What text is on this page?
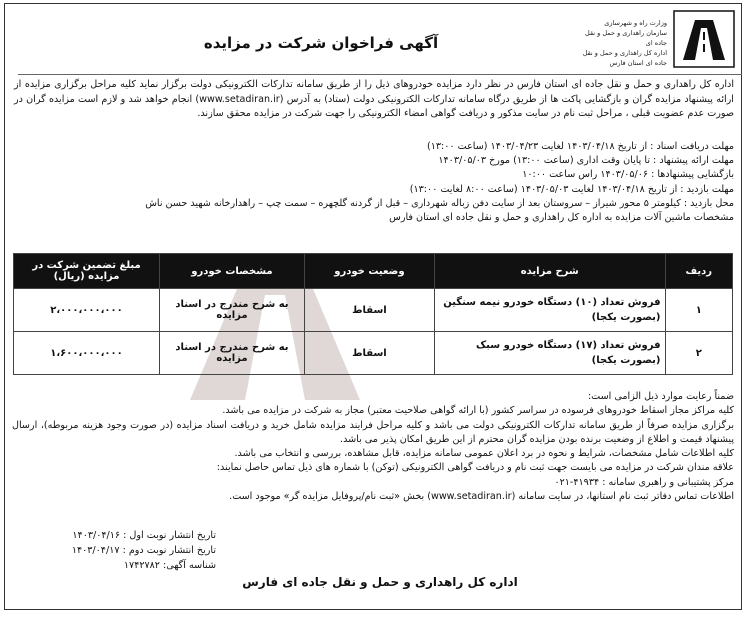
وزارت راه و شهرسازی
سازمان راهداری و حمل و نقل جاده ای
اداره کل راهداری و حمل و نقل جاده ای استان فارس
آگهی فراخوان شرکت در مزایده
اداره کل راهداری و حمل و نقل جاده ای استان فارس در نظر دارد مزایده خودروهای ذیل را از طریق سامانه تدارکات الکترونیکی دولت برگزار نماید کلیه مراحل برگزاری مزایده از ارائه پیشنهاد مزایده گران و بازگشایی پاکت ها از طریق درگاه سامانه تدارکات الکترونیکی دولت (ستاد) به آدرس (www.setadiran.ir) انجام خواهد شد و لازم است مزایده گران در صورت عدم عضویت قبلی ، مراحل ثبت نام در سایت مذکور و دریافت گواهی امضاء الکترونیکی را جهت شرکت در مزایده محقق سازند.
مهلت دریافت اسناد : از تاریخ ۱۴۰۳/۰۴/۱۸ لغایت ۱۴۰۳/۰۴/۲۳ (ساعت ۱۳:۰۰)
مهلت ارائه پیشنهاد : تا پایان وقت اداری (ساعت ۱۳:۰۰) مورخ ۱۴۰۳/۰۵/۰۳
بازگشایی پیشنهادها : ۱۴۰۳/۰۵/۰۶ راس ساعت ۱۰:۰۰
مهلت بازدید : از تاریخ ۱۴۰۳/۰۴/۱۸ لغایت ۱۴۰۳/۰۵/۰۳ (ساعت ۸:۰۰ لغایت ۱۳:۰۰)
محل بازدید : کیلومتر ۵ محور شیراز – سروستان بعد از سایت دفن زباله شهرداری – قبل از گردنه گلچهره – سمت چپ – راهدارخانه شهید حسن ناش
مشخصات ماشین آلات مزایده به اداره کل راهداری و حمل و نقل جاده ای استان فارس
ردیف	شرح مزایده	وضعیت خودرو	مشخصات خودرو	مبلغ تضمین شرکت در مزایده (ریال)
۱	فروش تعداد (۱۰) دستگاه خودرو نیمه سنگین (بصورت یکجا)	اسقاط	به شرح مندرج در اسناد مزایده	۲،۰۰۰،۰۰۰،۰۰۰
۲	فروش تعداد (۱۷) دستگاه خودرو سبک (بصورت یکجا)	اسقاط	به شرح مندرج در اسناد مزایده	۱،۶۰۰،۰۰۰،۰۰۰
ضمناً رعایت موارد ذیل الزامی است:
کلیه مراکز مجاز اسقاط خودروهای فرسوده در سراسر کشور (با ارائه گواهی صلاحیت معتبر) مجاز به شرکت در مزایده می باشد.
برگزاری مزایده صرفاً از طریق سامانه تدارکات الکترونیکی دولت می باشد و کلیه مراحل فرایند مزایده شامل خرید و دریافت اسناد مزایده (در صورت وجود هزینه مربوطه)، ارسال پیشنهاد قیمت و اطلاع از وضعیت برنده بودن مزایده گران محترم از این طریق امکان پذیر می باشد.
کلیه اطلاعات شامل مشخصات، شرایط و نحوه در برد اعلان عمومی سامانه مزایده، قابل مشاهده، بررسی و انتخاب می باشد.
علاقه مندان شرکت در مزایده می بایست جهت ثبت نام و دریافت گواهی الکترونیکی (توکن) با شماره های ذیل تماس حاصل نمایند:
مرکز پشتیبانی و راهبری سامانه : ۴۱۹۳۴-۰۲۱
اطلاعات تماس دفاتر ثبت نام استانها، در سایت سامانه (www.setadiran.ir) بخش «ثبت نام/پروفایل مزایده گر» موجود است.
تاریخ انتشار نوبت اول : ۱۴۰۳/۰۴/۱۶
تاریخ انتشار نوبت دوم : ۱۴۰۳/۰۴/۱۷
شناسه آگهی: ۱۷۴۲۷۸۲
اداره کل راهداری و حمل و نقل جاده ای فارس
